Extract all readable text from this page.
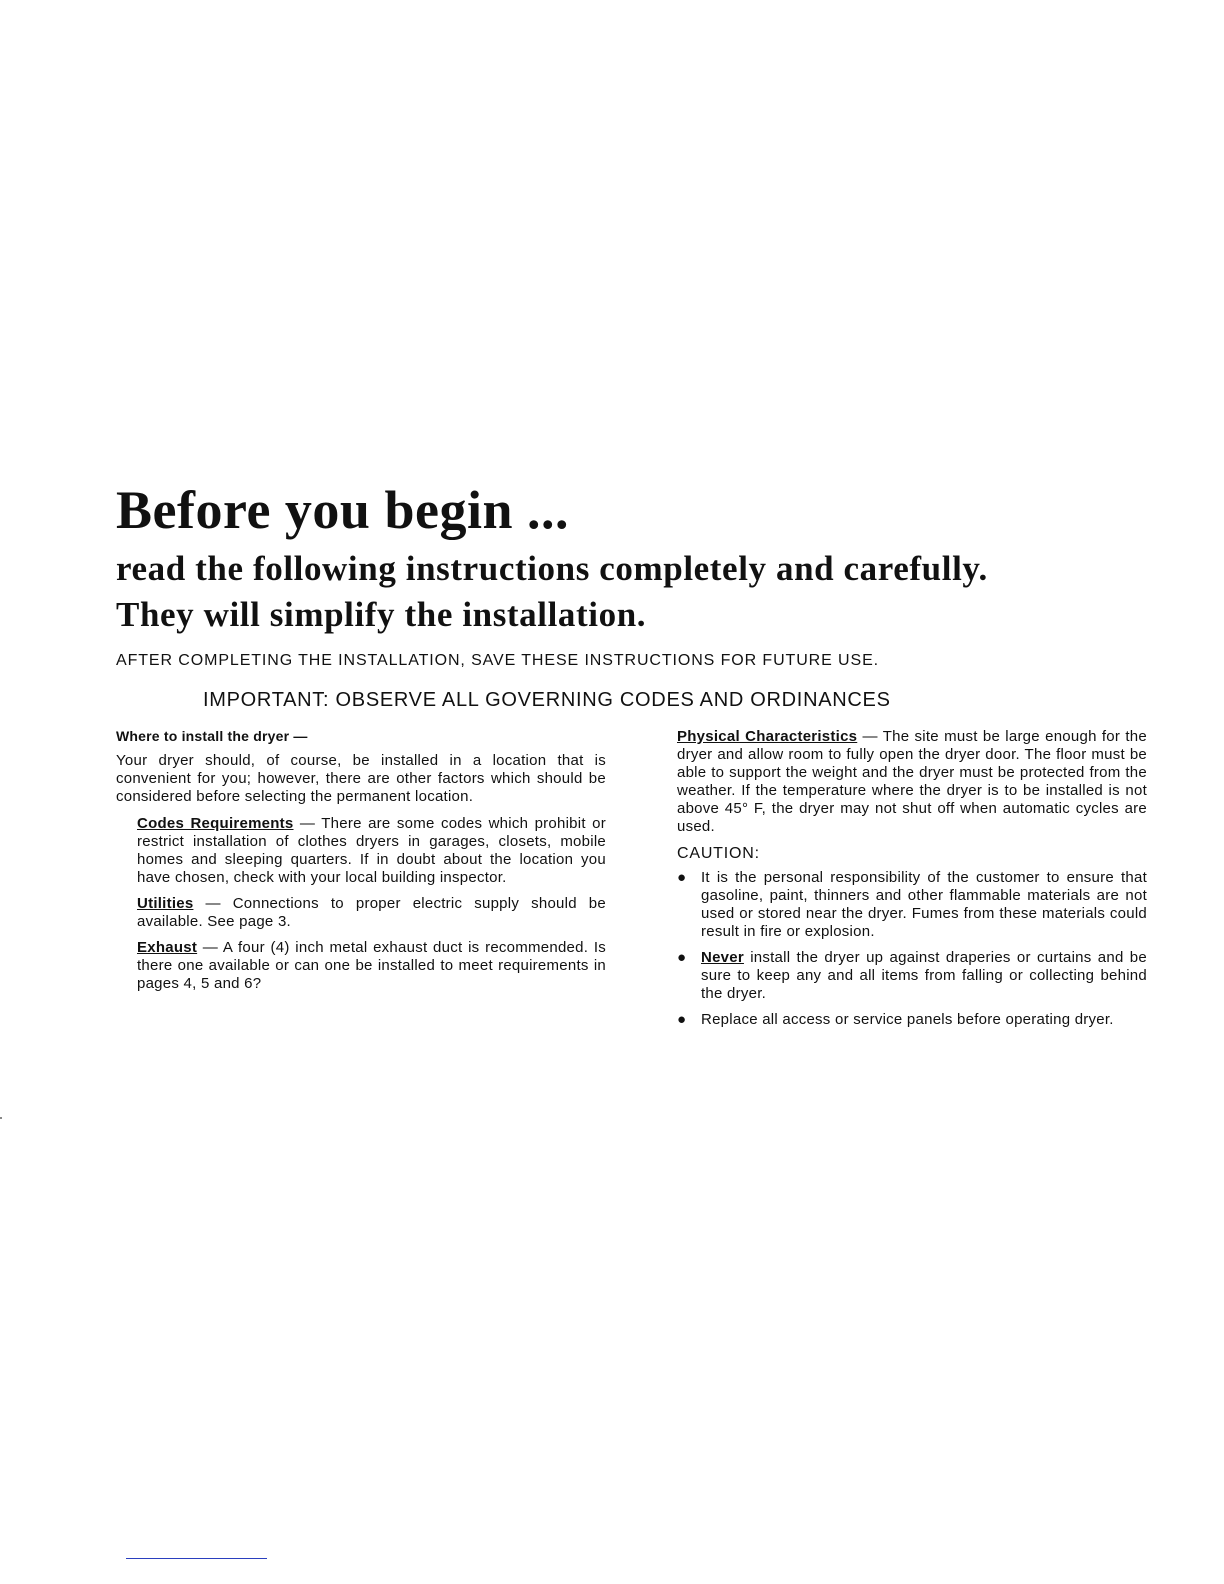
Before you begin ...
read the following instructions completely and carefully.
They will simplify the installation.
AFTER COMPLETING THE INSTALLATION, SAVE THESE INSTRUCTIONS FOR FUTURE USE.
IMPORTANT: OBSERVE ALL GOVERNING CODES AND ORDINANCES

Where to install the dryer —

Your dryer should, of course, be installed in a location that is convenient for you; however, there are other factors which should be considered before selecting the permanent location.

Codes Requirements — There are some codes which prohibit or restrict installation of clothes dryers in garages, closets, mobile homes and sleeping quarters. If in doubt about the location you have chosen, check with your local building inspector.

Utilities — Connections to proper electric supply should be available. See page 3.

Exhaust — A four (4) inch metal exhaust duct is recommended. Is there one available or can one be installed to meet requirements in pages 4, 5 and 6?

Physical Characteristics — The site must be large enough for the dryer and allow room to fully open the dryer door. The floor must be able to support the weight and the dryer must be protected from the weather. If the temperature where the dryer is to be installed is not above 45° F, the dryer may not shut off when automatic cycles are used.

CAUTION:

● It is the personal responsibility of the customer to ensure that gasoline, paint, thinners and other flammable materials are not used or stored near the dryer. Fumes from these materials could result in fire or explosion.
● Never install the dryer up against draperies or curtains and be sure to keep any and all items from falling or collecting behind the dryer.
● Replace all access or service panels before operating dryer.
